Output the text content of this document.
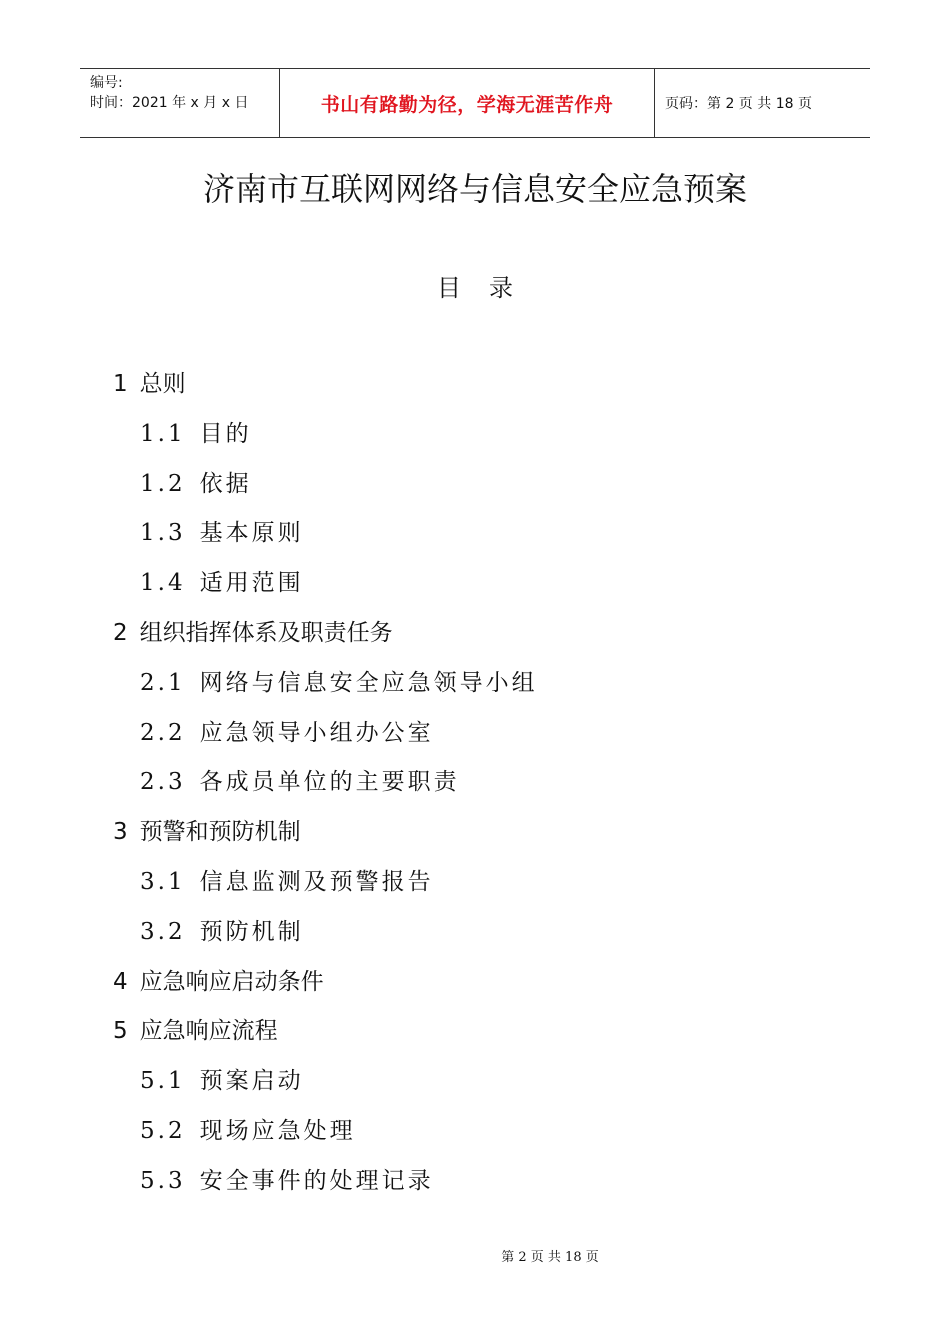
编号:
时间：2021 年 x 月 x 日	书山有路勤为径，学海无涯苦作舟	页码：第 2 页 共 18 页
济南市互联网网络与信息安全应急预案
目录
1 总则
1.1 目的
1.2 依据
1.3 基本原则
1.4 适用范围
2 组织指挥体系及职责任务
2.1 网络与信息安全应急领导小组
2.2 应急领导小组办公室
2.3 各成员单位的主要职责
3 预警和预防机制
3.1 信息监测及预警报告
3.2 预防机制
4 应急响应启动条件
5 应急响应流程
5.1 预案启动
5.2 现场应急处理
5.3 安全事件的处理记录
第 2 页 共 18 页
